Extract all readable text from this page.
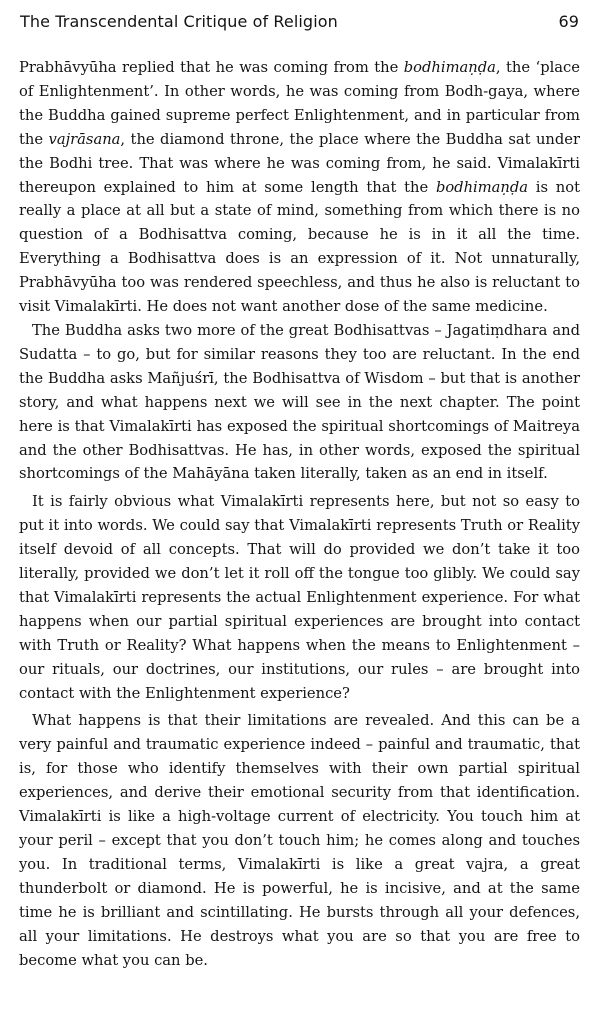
The Transcendental Critique of Religion	69

Prabhāvyūha replied that he was coming from the bodhimaṇḍa, the ‘place of Enlightenment’. In other words, he was coming from Bodh-gaya, where the Buddha gained supreme perfect Enlightenment, and in particular from the vajrāsana, the diamond throne, the place where the Buddha sat under the Bodhi tree. That was where he was coming from, he said. Vimalakīrti thereupon explained to him at some length that the bodhimaṇḍa is not really a place at all but a state of mind, something from which there is no question of a Bodhisattva coming, because he is in it all the time. Everything a Bodhisattva does is an expression of it. Not unnaturally, Prabhāvyūha too was rendered speechless, and thus he also is reluctant to visit Vimalakīrti. He does not want another dose of the same medicine.

The Buddha asks two more of the great Bodhisattvas – Jagatiṃdhara and Sudatta – to go, but for similar reasons they too are reluctant. In the end the Buddha asks Mañjuśrī, the Bodhisattva of Wisdom – but that is another story, and what happens next we will see in the next chapter. The point here is that Vimalakīrti has exposed the spiritual shortcomings of Maitreya and the other Bodhisattvas. He has, in other words, exposed the spiritual shortcomings of the Mahāyāna taken literally, taken as an end in itself.

It is fairly obvious what Vimalakīrti represents here, but not so easy to put it into words. We could say that Vimalakīrti represents Truth or Reality itself devoid of all concepts. That will do provided we don’t take it too literally, provided we don’t let it roll off the tongue too glibly. We could say that Vimalakīrti represents the actual Enlightenment experience. For what happens when our partial spiritual experiences are brought into contact with Truth or Reality? What happens when the means to Enlightenment – our rituals, our doctrines, our institutions, our rules – are brought into contact with the Enlightenment experience?

What happens is that their limitations are revealed. And this can be a very painful and traumatic experience indeed – painful and traumatic, that is, for those who identify themselves with their own partial spiritual experiences, and derive their emotional security from that identification. Vimalakīrti is like a high-voltage current of electricity. You touch him at your peril – except that you don’t touch him; he comes along and touches you. In traditional terms, Vimalakīrti is like a great vajra, a great thunderbolt or diamond. He is powerful, he is incisive, and at the same time he is brilliant and scintillating. He bursts through all your defences, all your limitations. He destroys what you are so that you are free to become what you can be.
